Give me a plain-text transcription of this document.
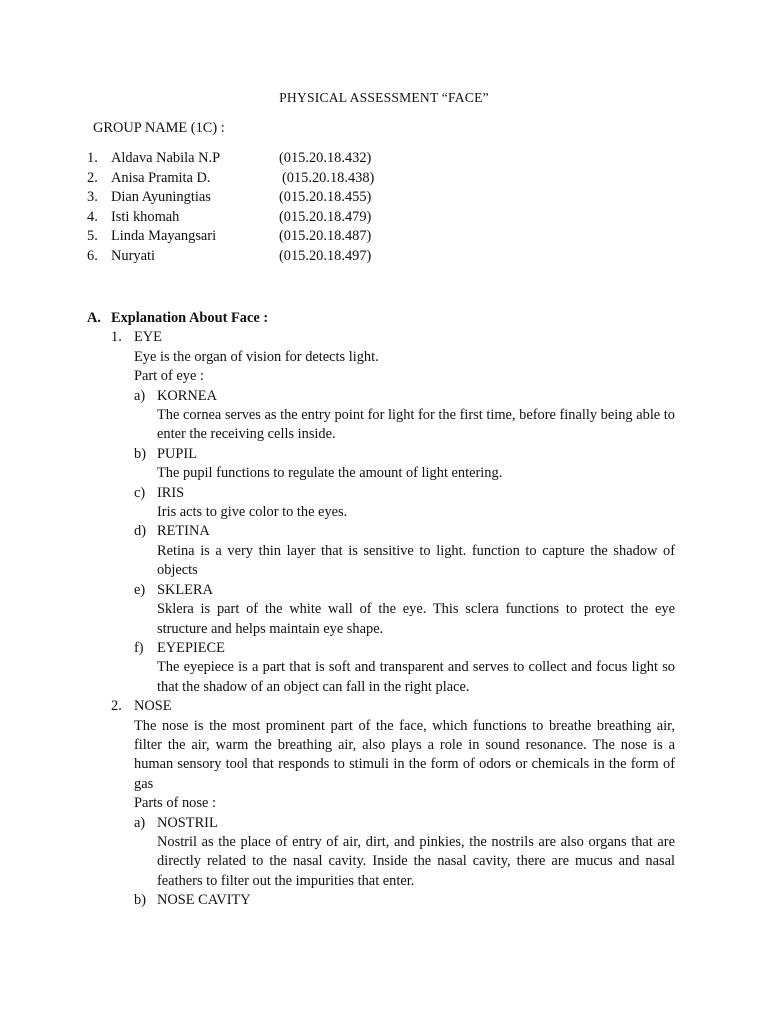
PHYSICAL ASSESSMENT “FACE”
GROUP NAME (1C) :
1. Aldava Nabila N.P	(015.20.18.432)
2. Anisa Pramita D.	(015.20.18.438)
3. Dian Ayuningtias	(015.20.18.455)
4. Isti khomah	(015.20.18.479)
5. Linda Mayangsari	(015.20.18.487)
6. Nuryati	(015.20.18.497)
A. Explanation About Face :
1. EYE
Eye is the organ of vision for detects light.
Part of eye :
a) KORNEA
The cornea serves as the entry point for light for the first time, before finally being able to enter the receiving cells inside.
b) PUPIL
The pupil functions to regulate the amount of light entering.
c) IRIS
Iris acts to give color to the eyes.
d) RETINA
Retina is a very thin layer that is sensitive to light. function to capture the shadow of objects
e) SKLERA
Sklera is part of the white wall of the eye. This sclera functions to protect the eye structure and helps maintain eye shape.
f) EYEPIECE
The eyepiece is a part that is soft and transparent and serves to collect and focus light so that the shadow of an object can fall in the right place.
2. NOSE
The nose is the most prominent part of the face, which functions to breathe breathing air, filter the air, warm the breathing air, also plays a role in sound resonance. The nose is a human sensory tool that responds to stimuli in the form of odors or chemicals in the form of gas
Parts of nose :
a) NOSTRIL
Nostril as the place of entry of air, dirt, and pinkies, the nostrils are also organs that are directly related to the nasal cavity. Inside the nasal cavity, there are mucus and nasal feathers to filter out the impurities that enter.
b) NOSE CAVITY
